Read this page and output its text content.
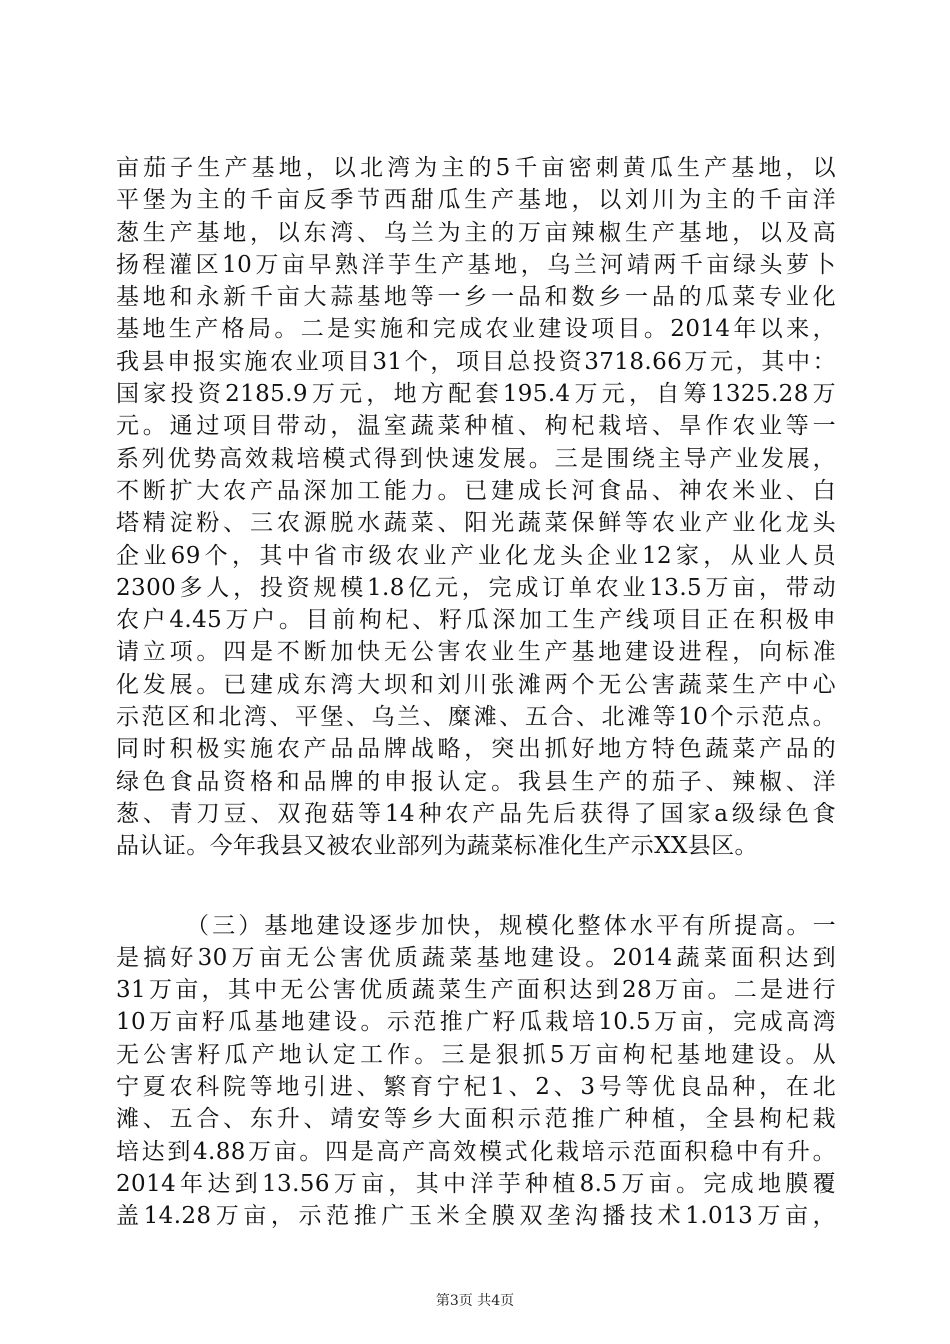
亩茄子生产基地，以北湾为主的5千亩密刺黄瓜生产基地，以
平堡为主的千亩反季节西甜瓜生产基地，以刘川为主的千亩洋
葱生产基地，以东湾、乌兰为主的万亩辣椒生产基地，以及高
扬程灌区10万亩早熟洋芋生产基地，乌兰河靖两千亩绿头萝卜
基地和永新千亩大蒜基地等一乡一品和数乡一品的瓜菜专业化
基地生产格局。二是实施和完成农业建设项目。2014年以来，
我县申报实施农业项目31个，项目总投资3718.66万元，其中：
国家投资2185.9万元，地方配套195.4万元，自筹1325.28万
元。通过项目带动，温室蔬菜种植、枸杞栽培、旱作农业等一
系列优势高效栽培模式得到快速发展。三是围绕主导产业发展，
不断扩大农产品深加工能力。已建成长河食品、神农米业、白
塔精淀粉、三农源脱水蔬菜、阳光蔬菜保鲜等农业产业化龙头
企业69个，其中省市级农业产业化龙头企业12家，从业人员
2300多人，投资规模1.8亿元，完成订单农业13.5万亩，带动
农户4.45万户。目前枸杞、籽瓜深加工生产线项目正在积极申
请立项。四是不断加快无公害农业生产基地建设进程，向标准
化发展。已建成东湾大坝和刘川张滩两个无公害蔬菜生产中心
示范区和北湾、平堡、乌兰、糜滩、五合、北滩等10个示范点。
同时积极实施农产品品牌战略，突出抓好地方特色蔬菜产品的
绿色食品资格和品牌的申报认定。我县生产的茄子、辣椒、洋
葱、青刀豆、双孢菇等14种农产品先后获得了国家a级绿色食
品认证。今年我县又被农业部列为蔬菜标准化生产示XX县区。
（三）基地建设逐步加快，规模化整体水平有所提高。一
是搞好30万亩无公害优质蔬菜基地建设。2014蔬菜面积达到
31万亩，其中无公害优质蔬菜生产面积达到28万亩。二是进行
10万亩籽瓜基地建设。示范推广籽瓜栽培10.5万亩，完成高湾
无公害籽瓜产地认定工作。三是狠抓5万亩枸杞基地建设。从
宁夏农科院等地引进、繁育宁杞1、2、3号等优良品种，在北
滩、五合、东升、靖安等乡大面积示范推广种植，全县枸杞栽
培达到4.88万亩。四是高产高效模式化栽培示范面积稳中有升。
2014年达到13.56万亩，其中洋芋种植8.5万亩。完成地膜覆
盖14.28万亩，示范推广玉米全膜双垄沟播技术1.013万亩，
第3页 共4页
